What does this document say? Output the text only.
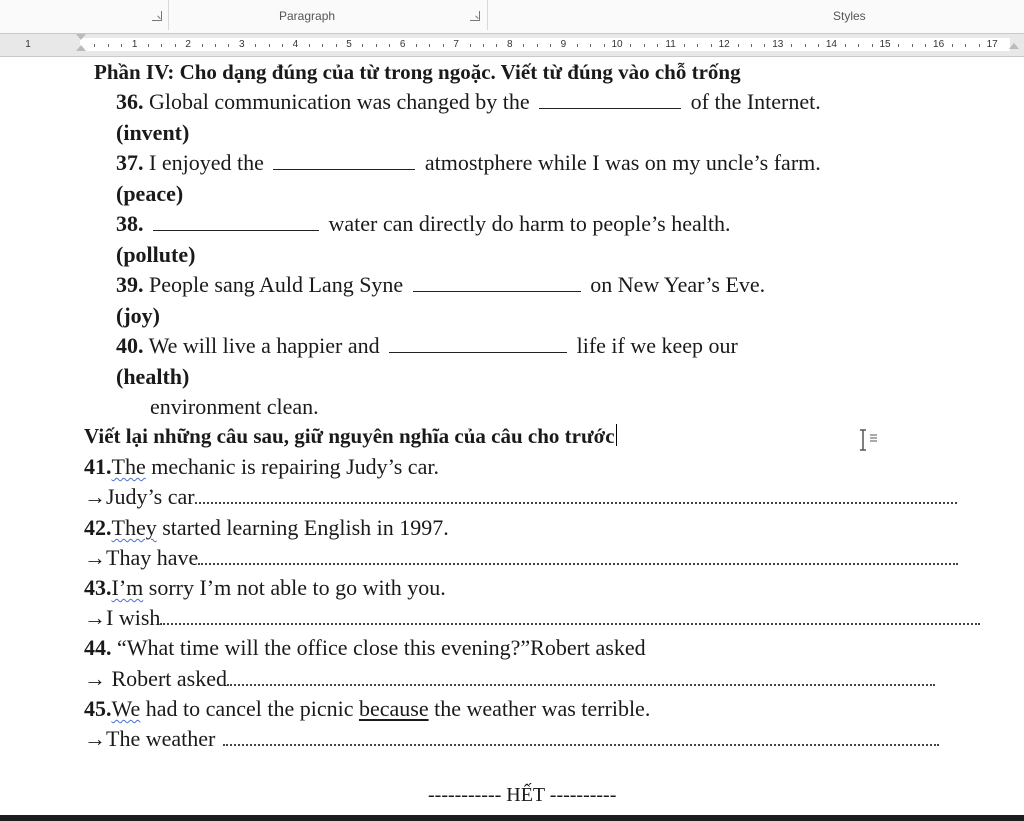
Paragraph	Styles
1	1	2	3	4	5	6	7	8	9	10	11	12	13	14	15	16	17
Phần IV: Cho dạng đúng của từ trong ngoặc. Viết từ đúng vào chỗ trống
36. Global communication was changed by the	of the Internet.
(invent)
37. I enjoyed the	atmostphere while I was on my uncle’s farm.
(peace)
38.	water can directly do harm to people’s health.
(pollute)
39. People sang Auld Lang Syne	on New Year’s Eve.
(joy)
40. We will live a happier and	life if we keep our
(health)
environment clean.
Viết lại những câu sau, giữ nguyên nghĩa của câu cho trước
41.The mechanic is repairing Judy’s car.
→Judy’s car
42.They started learning English in 1997.
→Thay have
43.I’m sorry I’m not able to go with you.
→I wish
44. “What time will the office close this evening?”Robert asked
→ Robert asked
45.We had to cancel the picnic because the weather was terrible.
→The weather
----------- HẾT ----------
